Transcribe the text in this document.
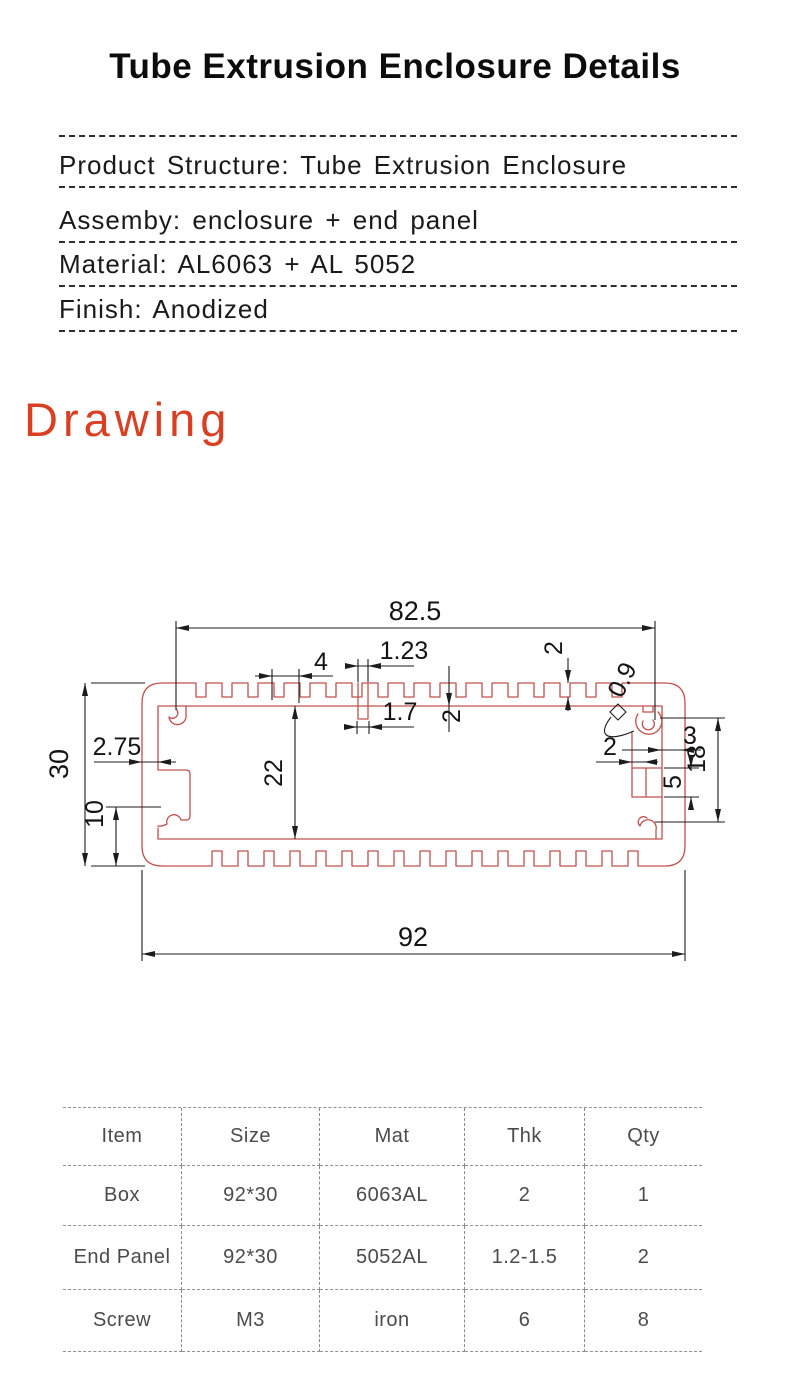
Tube Extrusion Enclosure Details
Product Structure: Tube Extrusion Enclosure
Assemby: enclosure + end panel
Material: AL6063 + AL 5052
Finish: Anodized
Drawing
82.5
4 1.23	2
1.7 2
30
2.75
10
22
92
0.9
2	3
5
18
Item	Size	Mat	Thk	Qty
Box	92*30	6063AL	2	1
End Panel	92*30	5052AL	1.2-1.5	2
Screw	M3	iron	6	8
